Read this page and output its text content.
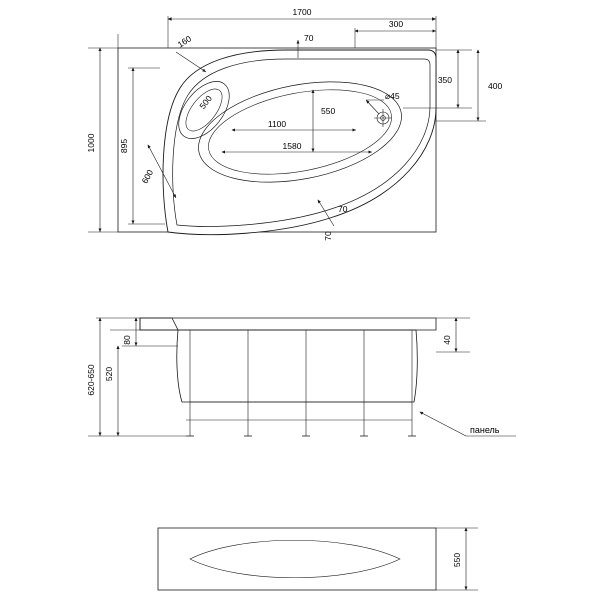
1700
300
70
160
500
350
400
1000	895
550
1100
1580
⌀45
600
70
70
80
520
620-650
40
панель
550
